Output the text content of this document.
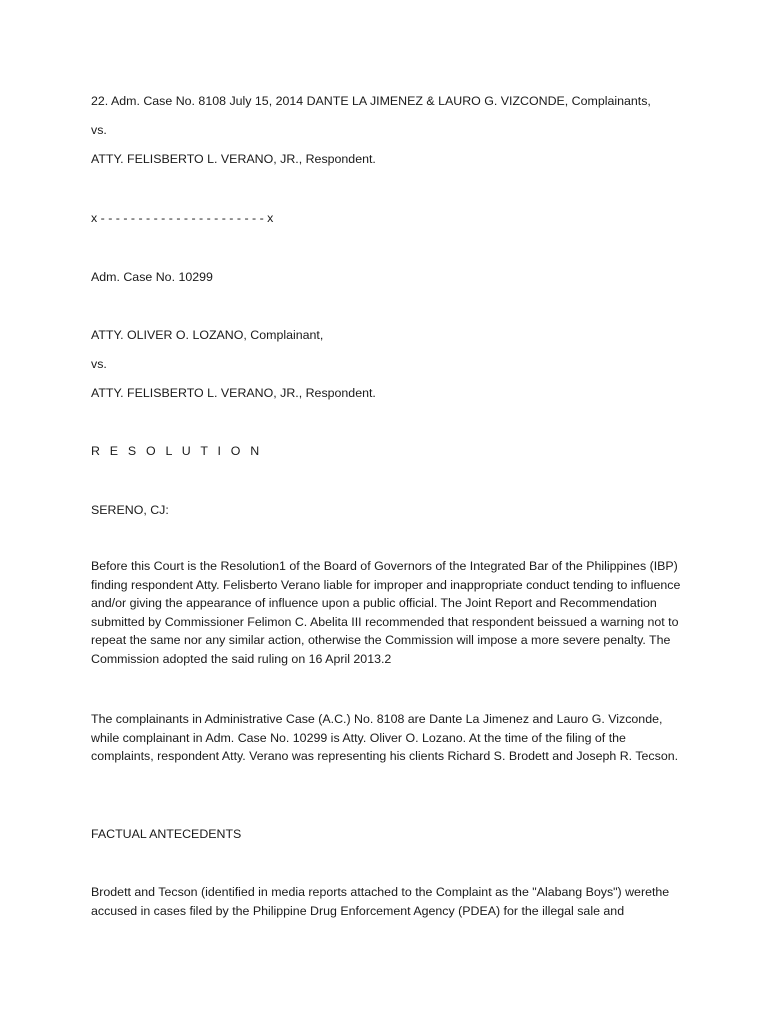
22. Adm. Case No. 8108 July 15, 2014 DANTE LA JIMENEZ & LAURO G. VIZCONDE, Complainants,

vs.

ATTY. FELISBERTO L. VERANO, JR., Respondent.

x - - - - - - - - - - - - - - - - - - - - - - x

Adm. Case No. 10299

ATTY. OLIVER O. LOZANO, Complainant,

vs.

ATTY. FELISBERTO L. VERANO, JR., Respondent.

R E S O L U T I O N

SERENO, CJ:

Before this Court is the Resolution1 of the Board of Governors of the Integrated Bar of the Philippines (IBP) finding respondent Atty. Felisberto Verano liable for improper and inappropriate conduct tending to influence and/or giving the appearance of influence upon a public official. The Joint Report and Recommendation submitted by Commissioner Felimon C. Abelita III recommended that respondent beissued a warning not to repeat the same nor any similar action, otherwise the Commission will impose a more severe penalty. The Commission adopted the said ruling on 16 April 2013.2

The complainants in Administrative Case (A.C.) No. 8108 are Dante La Jimenez and Lauro G. Vizconde, while complainant in Adm. Case No. 10299 is Atty. Oliver O. Lozano. At the time of the filing of the complaints, respondent Atty. Verano was representing his clients Richard S. Brodett and Joseph R. Tecson.

FACTUAL ANTECEDENTS

Brodett and Tecson (identified in media reports attached to the Complaint as the "Alabang Boys") werethe accused in cases filed by the Philippine Drug Enforcement Agency (PDEA) for the illegal sale and
